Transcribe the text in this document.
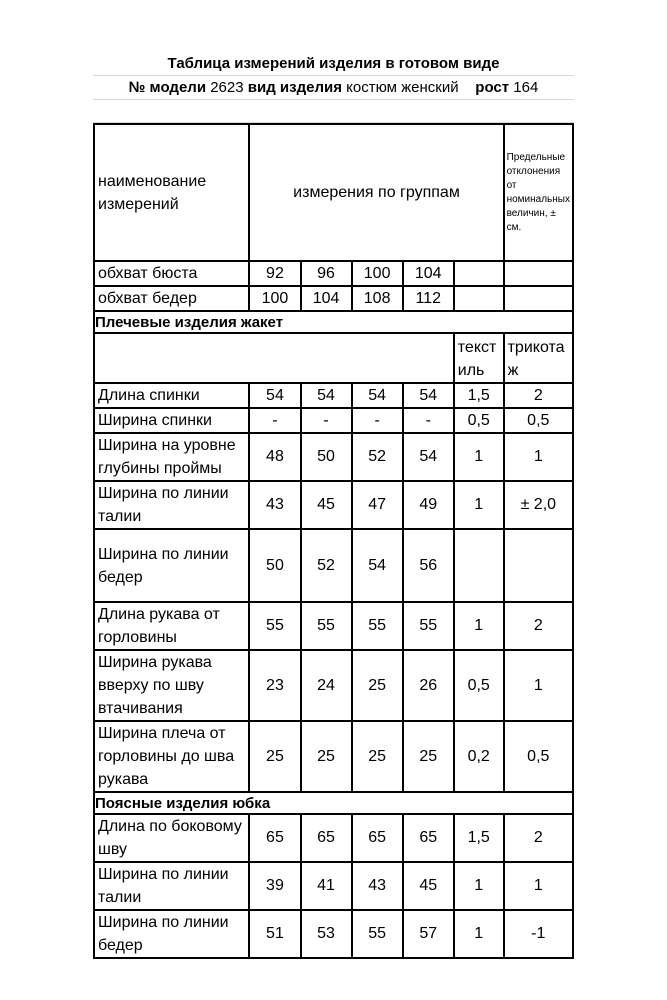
Таблица измерений изделия в готовом виде
№ модели 2623 вид изделия костюм женский рост 164
наименование измерений	измерения по группам					Предельные отклонения от номинальных величин, ± см.
обхват бюста	92	96	100	104		
обхват бедер	100	104	108	112		
Плечевые изделия жакет						
					текстиль	трикотаж
Длина спинки	54	54	54	54	1,5	2
Ширина спинки	-	-	-	-	0,5	0,5
Ширина на уровне глубины проймы	48	50	52	54	1	1
Ширина по линии талии	43	45	47	49	1	± 2,0
Ширина по линии бедер	50	52	54	56		
Длина рукава от горловины	55	55	55	55	1	2
Ширина рукава вверху по шву втачивания	23	24	25	26	0,5	1
Ширина плеча от горловины до шва рукава	25	25	25	25	0,2	0,5
Поясные изделия юбка						
Длина по боковому шву	65	65	65	65	1,5	2
Ширина по линии талии	39	41	43	45	1	1
Ширина по линии бедер	51	53	55	57	1	-1
